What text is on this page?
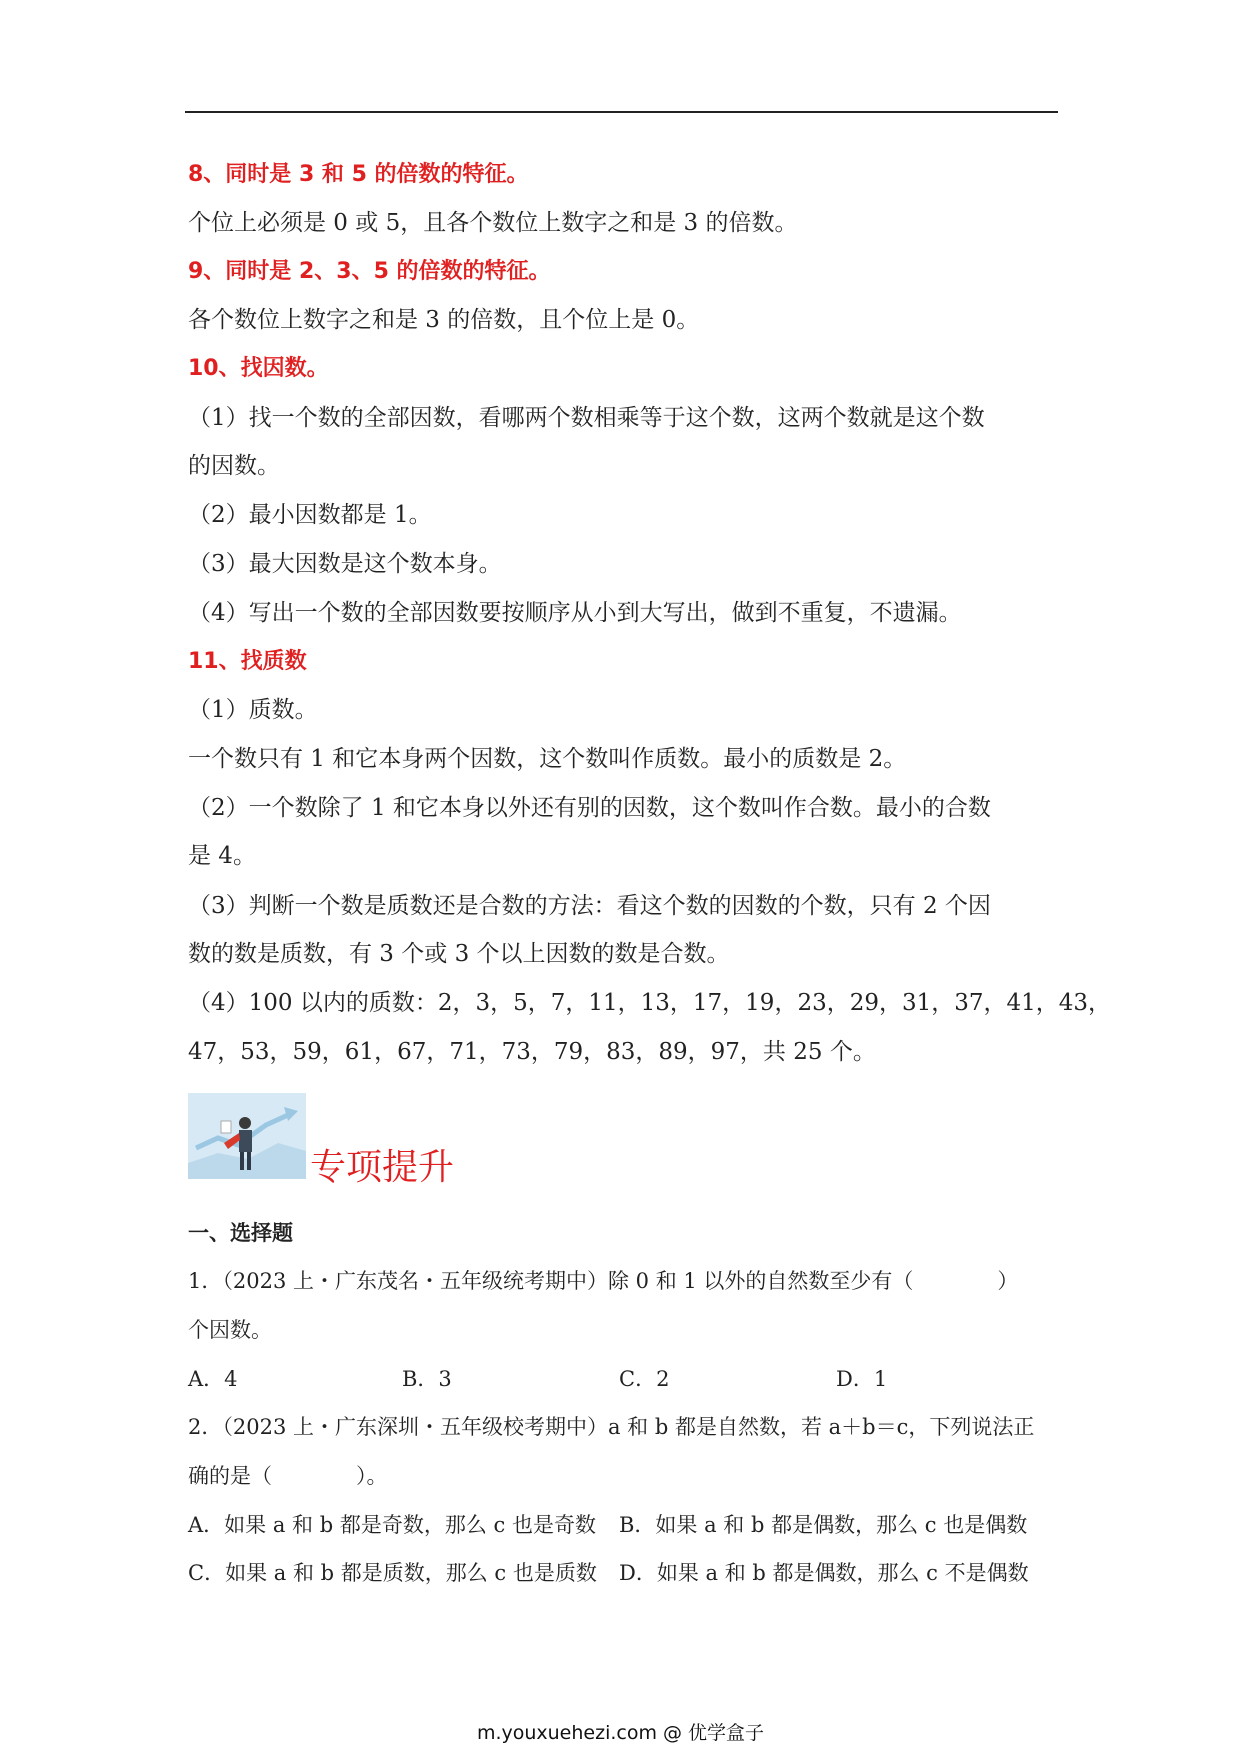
8、同时是 3 和 5 的倍数的特征。
个位上必须是 0 或 5，且各个数位上数字之和是 3 的倍数。
9、同时是 2、3、5 的倍数的特征。
各个数位上数字之和是 3 的倍数，且个位上是 0。
10、找因数。
（1）找一个数的全部因数，看哪两个数相乘等于这个数，这两个数就是这个数
的因数。
（2）最小因数都是 1。
（3）最大因数是这个数本身。
（4）写出一个数的全部因数要按顺序从小到大写出，做到不重复，不遗漏。
11、找质数
（1）质数。
一个数只有 1 和它本身两个因数，这个数叫作质数。最小的质数是 2。
（2）一个数除了 1 和它本身以外还有别的因数，这个数叫作合数。最小的合数
是 4。
（3）判断一个数是质数还是合数的方法：看这个数的因数的个数，只有 2 个因
数的数是质数，有 3 个或 3 个以上因数的数是合数。
（4）100 以内的质数：2，3，5，7，11，13，17，19，23，29，31，37，41，43，
47，53，59，61，67，71，73，79，83，89，97，共 25 个。
专项提升
一、选择题
1．（2023 上・广东茂名・五年级统考期中）除 0 和 1 以外的自然数至少有（　　　　）
个因数。
A．4	B．3	C．2	D．1
2．（2023 上・广东深圳・五年级校考期中）a 和 b 都是自然数，若 a＋b＝c，下列说法正
确的是（　　　　）。
A．如果 a 和 b 都是奇数，那么 c 也是奇数 B．如果 a 和 b 都是偶数，那么 c 也是偶数
C．如果 a 和 b 都是质数，那么 c 也是质数 D．如果 a 和 b 都是偶数，那么 c 不是偶数
m.youxuehezi.com @ 优学盒子
